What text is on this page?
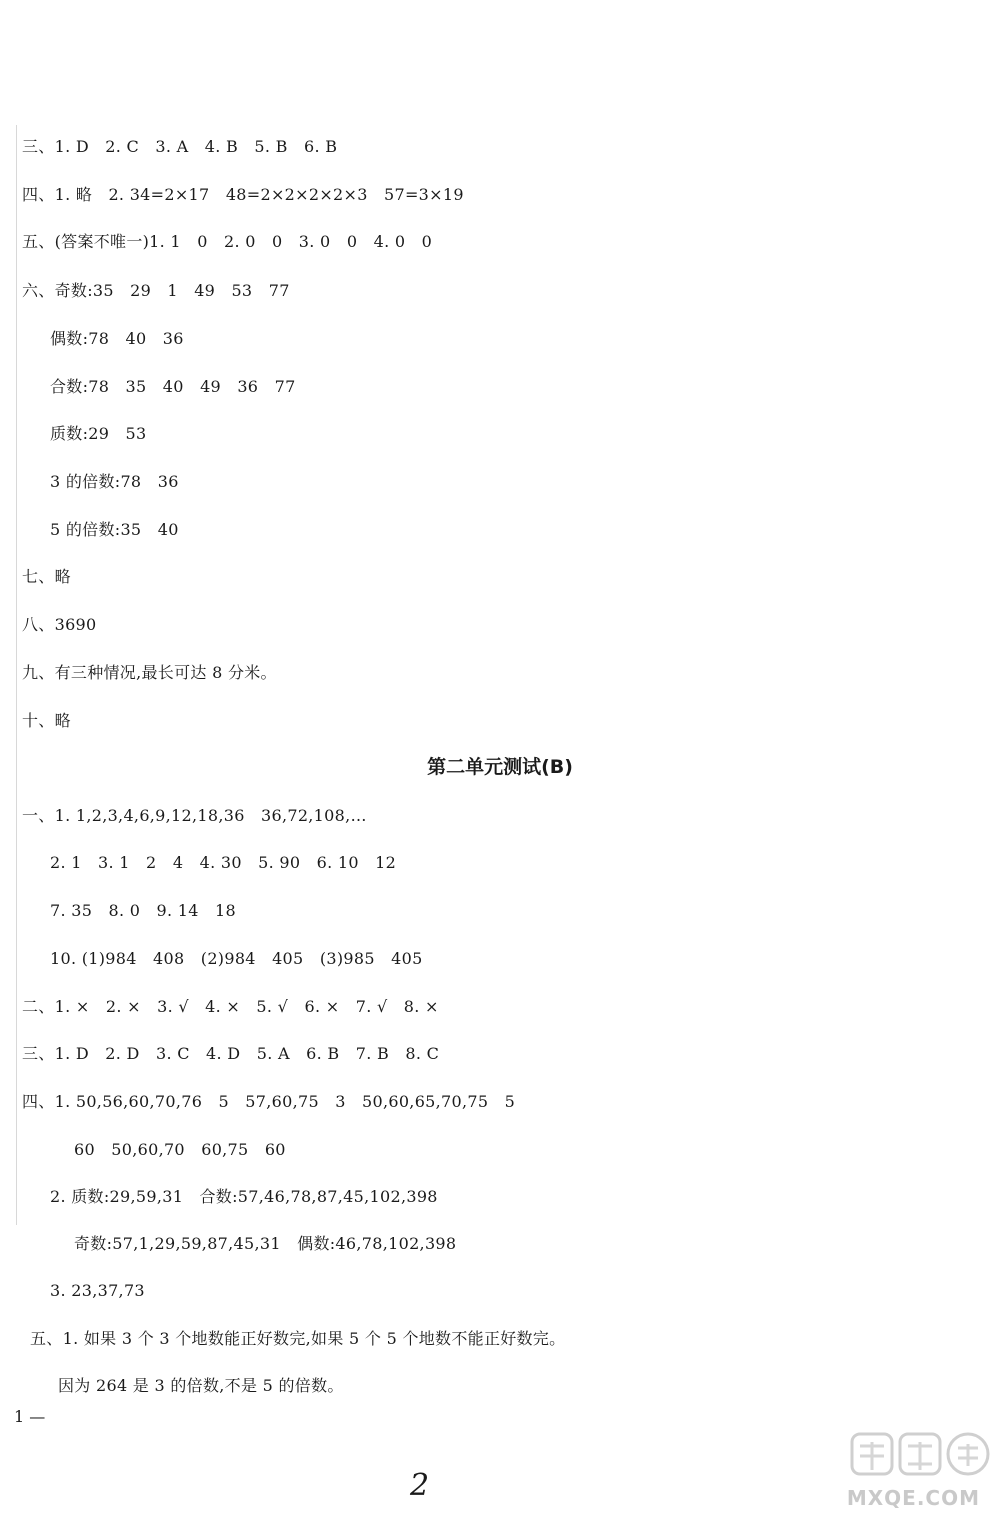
三、1. D　2. C　3. A　4. B　5. B　6. B
四、1. 略　2. 34=2×17　48=2×2×2×2×3　57=3×19
五、(答案不唯一)1. 1　0　2. 0　0　3. 0　0　4. 0　0
六、奇数:35　29　1　49　53　77
偶数:78　40　36
合数:78　35　40　49　36　77
质数:29　53
3 的倍数:78　36
5 的倍数:35　40
七、略
八、3690
九、有三种情况,最长可达 8 分米。
十、略
第二单元测试(B)
一、1. 1,2,3,4,6,9,12,18,36　36,72,108,…
2. 1　3. 1　2　4　4. 30　5. 90　6. 10　12
7. 35　8. 0　9. 14　18
10. (1)984　408　(2)984　405　(3)985　405
二、1. ×　2. ×　3. √　4. ×　5. √　6. ×　7. √　8. ×
三、1. D　2. D　3. C　4. D　5. A　6. B　7. B　8. C
四、1. 50,56,60,70,76　5　57,60,75　3　50,60,65,70,75　5
60　50,60,70　60,75　60
2. 质数:29,59,31　合数:57,46,78,87,45,102,398
奇数:57,1,29,59,87,45,31　偶数:46,78,102,398
3. 23,37,73
五、1. 如果 3 个 3 个地数能正好数完,如果 5 个 5 个地数不能正好数完。
因为 264 是 3 的倍数,不是 5 的倍数。
1 —
2	MXQE.COM
